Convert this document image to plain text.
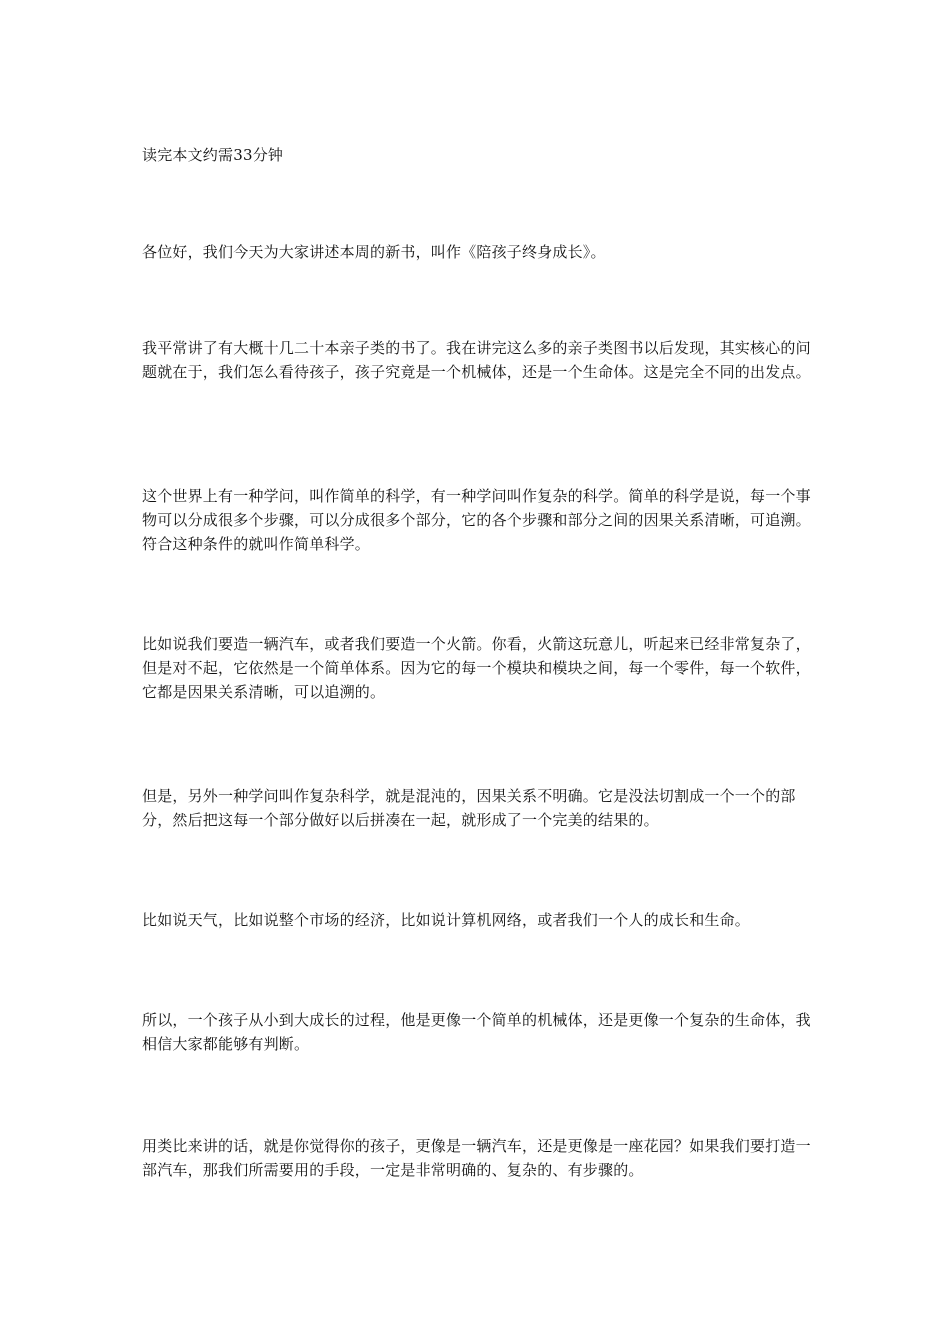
读完本文约需33分钟

各位好，我们今天为大家讲述本周的新书，叫作《陪孩子终身成长》。

我平常讲了有大概十几二十本亲子类的书了。我在讲完这么多的亲子类图书以后发现，其实核心的问题就在于，我们怎么看待孩子，孩子究竟是一个机械体，还是一个生命体。这是完全不同的出发点。

这个世界上有一种学问，叫作简单的科学，有一种学问叫作复杂的科学。简单的科学是说，每一个事物可以分成很多个步骤，可以分成很多个部分，它的各个步骤和部分之间的因果关系清晰，可追溯。符合这种条件的就叫作简单科学。

比如说我们要造一辆汽车，或者我们要造一个火箭。你看，火箭这玩意儿，听起来已经非常复杂了，但是对不起，它依然是一个简单体系。因为它的每一个模块和模块之间，每一个零件，每一个软件，它都是因果关系清晰，可以追溯的。

但是，另外一种学问叫作复杂科学，就是混沌的，因果关系不明确。它是没法切割成一个一个的部分，然后把这每一个部分做好以后拼凑在一起，就形成了一个完美的结果的。

比如说天气，比如说整个市场的经济，比如说计算机网络，或者我们一个人的成长和生命。

所以，一个孩子从小到大成长的过程，他是更像一个简单的机械体，还是更像一个复杂的生命体，我相信大家都能够有判断。

用类比来讲的话，就是你觉得你的孩子，更像是一辆汽车，还是更像是一座花园？如果我们要打造一部汽车，那我们所需要用的手段，一定是非常明确的、复杂的、有步骤的。
